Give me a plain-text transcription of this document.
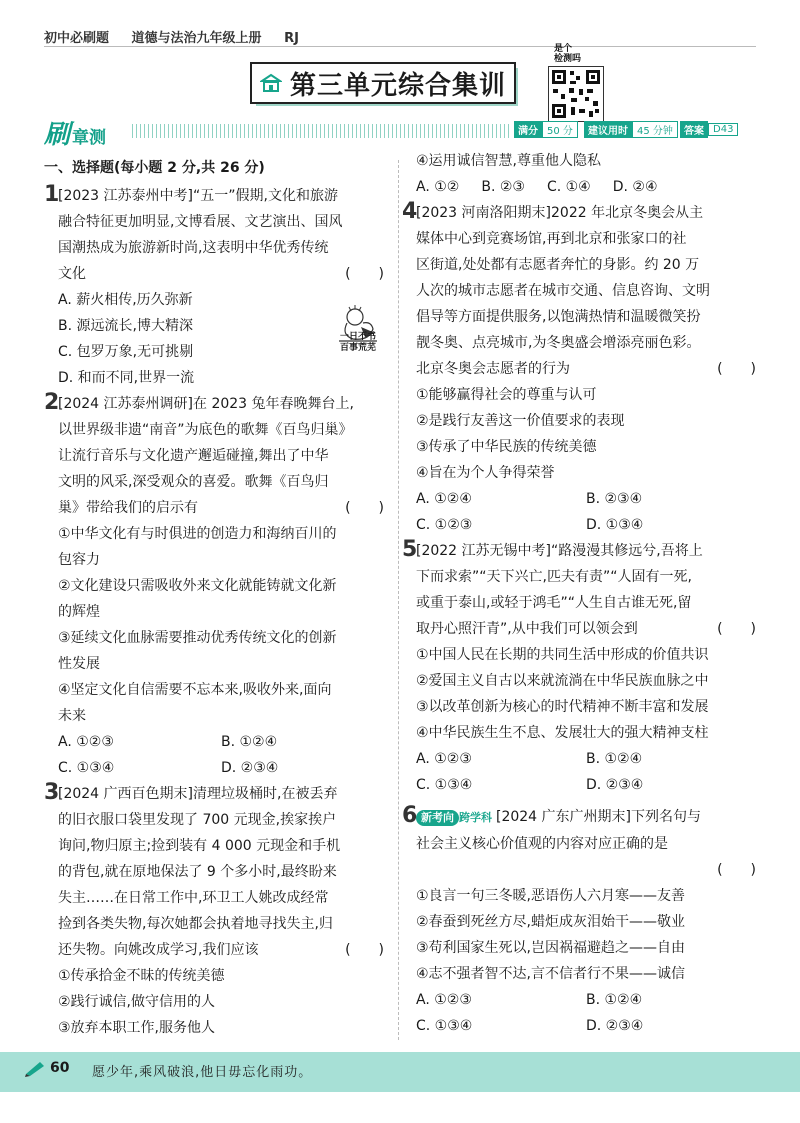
初中必刷题 道德与法治九年级上册 RJ
第三单元综合集训
是个
检测吗
刷章测	满分 50 分	建议用时 45 分钟	答案 D43

一、选择题(每小题 2 分,共 26 分)

1

[2023 江苏泰州中考]“五一”假期,文化和旅游

融合特征更加明显,文博看展、文艺演出、国风

国潮热成为旅游新时尚,这表明中华优秀传统

文化	(　　)

A. 薪火相传,历久弥新

B. 源远流长,博大精深

C. 包罗万象,无可挑剔

D. 和而不同,世界一流

2

[2024 江苏泰州调研]在 2023 兔年春晚舞台上,

以世界级非遗“南音”为底色的歌舞《百鸟归巢》

让流行音乐与文化遗产邂逅碰撞,舞出了中华

文明的风采,深受观众的喜爱。歌舞《百鸟归

巢》带给我们的启示有	(　　)

①中华文化有与时俱进的创造力和海纳百川的

包容力

②文化建设只需吸收外来文化就能铸就文化新

的辉煌

③延续文化血脉需要推动优秀传统文化的创新

性发展

④坚定文化自信需要不忘本来,吸收外来,面向

未来

A. ①②③	B. ①②④
C. ①③④	D. ②③④
3

[2024 广西百色期末]清理垃圾桶时,在被丢弃

的旧衣服口袋里发现了 700 元现金,挨家挨户

询问,物归原主;捡到装有 4 000 元现金和手机

的背包,就在原地保法了 9 个多小时,最终盼来

失主……在日常工作中,环卫工人姚改成经常

捡到各类失物,每次她都会执着地寻找失主,归

还失物。向姚改成学习,我们应该	(　　)

①传承拾金不昧的传统美德

②践行诚信,做守信用的人

③放弃本职工作,服务他人

一日不书
百事荒芜

④运用诚信智慧,尊重他人隐私

A. ①② B. ②③ C. ①④ D. ②④
4

[2023 河南洛阳期末]2022 年北京冬奥会从主

媒体中心到竞赛场馆,再到北京和张家口的社

区街道,处处都有志愿者奔忙的身影。约 20 万

人次的城市志愿者在城市交通、信息咨询、文明

倡导等方面提供服务,以饱满热情和温暖微笑扮

靓冬奥、点亮城市,为冬奥盛会增添亮丽色彩。

北京冬奥会志愿者的行为	(　　)

①能够赢得社会的尊重与认可

②是践行友善这一价值要求的表现

③传承了中华民族的传统美德

④旨在为个人争得荣誉

A. ①②④	B. ②③④
C. ①②③	D. ①③④
5

[2022 江苏无锡中考]“路漫漫其修远兮,吾将上

下而求索”“天下兴亡,匹夫有责”“人固有一死,

或重于泰山,或轻于鸿毛”“人生自古谁无死,留

取丹心照汗青”,从中我们可以领会到	(　　)

①中国人民在长期的共同生活中形成的价值共识

②爱国主义自古以来就流淌在中华民族血脉之中

③以改革创新为核心的时代精神不断丰富和发展

④中华民族生生不息、发展壮大的强大精神支柱

A. ①②③	B. ①②④
C. ①③④	D. ②③④
6 新考向 跨学科 [2024 广东广州期末]下列名句与

社会主义核心价值观的内容对应正确的是

(　　)

①良言一句三冬暖,恶语伤人六月寒——友善

②春蚕到死丝方尽,蜡炬成灰泪始干——敬业

③苟利国家生死以,岂因祸福避趋之——自由

④志不强者智不达,言不信者行不果——诚信

A. ①②③	B. ①②④
C. ①③④	D. ②③④
60 愿少年,乘风破浪,他日毋忘化雨功。
